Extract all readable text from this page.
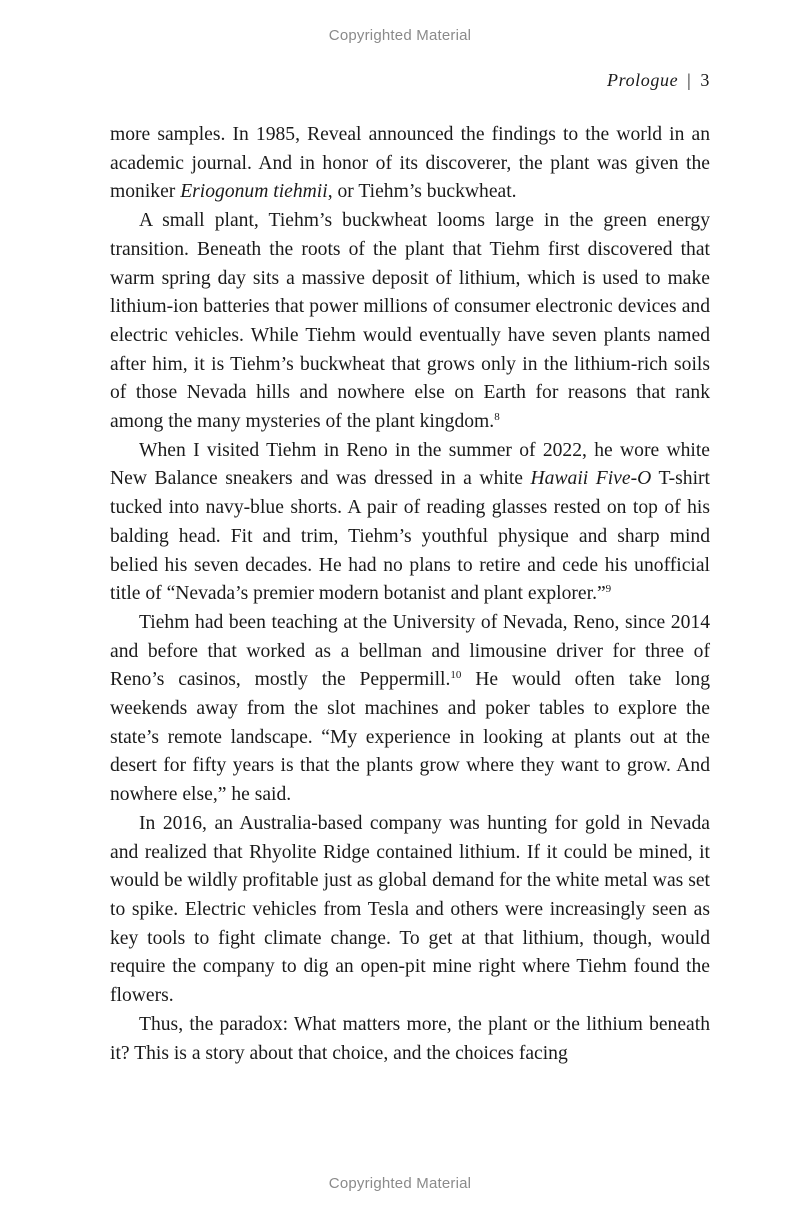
Copyrighted Material
Prologue | 3

more samples. In 1985, Reveal announced the findings to the world in an academic journal. And in honor of its discoverer, the plant was given the moniker Eriogonum tiehmii, or Tiehm’s buckwheat.

A small plant, Tiehm’s buckwheat looms large in the green energy transition. Beneath the roots of the plant that Tiehm first discovered that warm spring day sits a massive deposit of lithium, which is used to make lithium-ion batteries that power millions of consumer electronic devices and electric vehicles. While Tiehm would eventually have seven plants named after him, it is Tiehm’s buckwheat that grows only in the lithium-rich soils of those Nevada hills and nowhere else on Earth for reasons that rank among the many mysteries of the plant kingdom.$^8$

When I visited Tiehm in Reno in the summer of 2022, he wore white New Balance sneakers and was dressed in a white Hawaii Five-O T-shirt tucked into navy-blue shorts. A pair of reading glasses rested on top of his balding head. Fit and trim, Tiehm’s youthful physique and sharp mind belied his seven decades. He had no plans to retire and cede his unofficial title of “Nevada’s premier modern botanist and plant explorer.”$^9$

Tiehm had been teaching at the University of Nevada, Reno, since 2014 and before that worked as a bellman and limousine driver for three of Reno’s casinos, mostly the Peppermill.$^{10}$ He would often take long weekends away from the slot machines and poker tables to explore the state’s remote landscape. “My experience in looking at plants out at the desert for fifty years is that the plants grow where they want to grow. And nowhere else,” he said.

In 2016, an Australia-based company was hunting for gold in Nevada and realized that Rhyolite Ridge contained lithium. If it could be mined, it would be wildly profitable just as global demand for the white metal was set to spike. Electric vehicles from Tesla and others were increasingly seen as key tools to fight climate change. To get at that lithium, though, would require the company to dig an open-pit mine right where Tiehm found the flowers.

Thus, the paradox: What matters more, the plant or the lithium beneath it? This is a story about that choice, and the choices facing

Copyrighted Material
